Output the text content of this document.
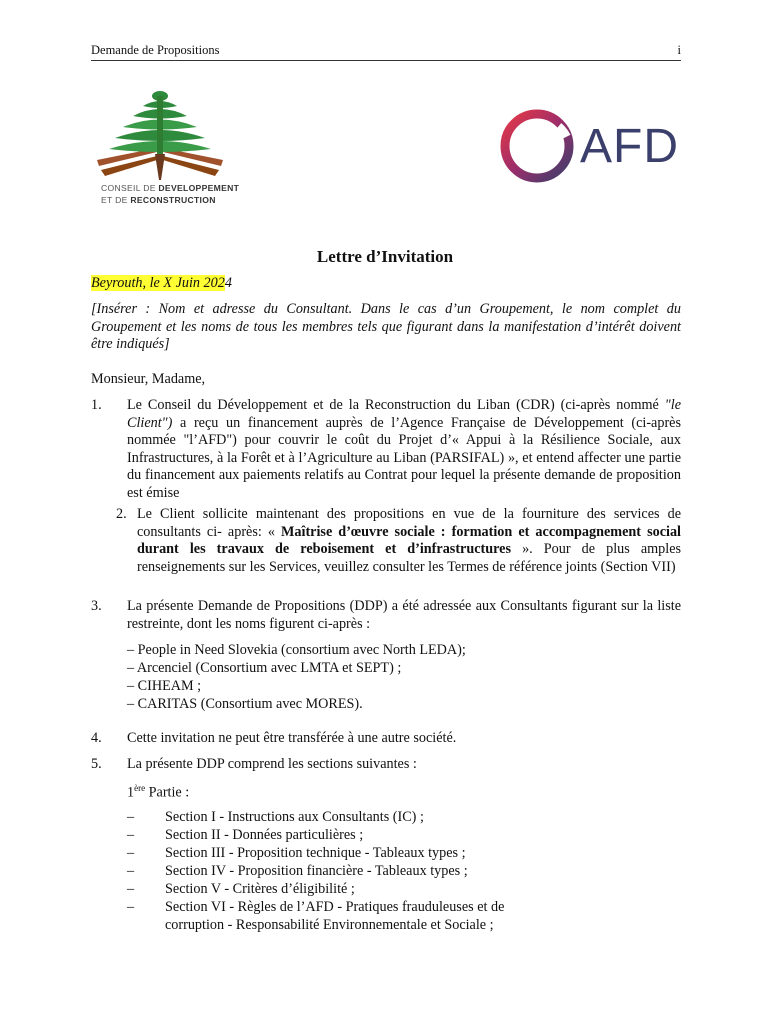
Demande de Propositions	i
CONSEIL DE DEVELOPPEMENT
ET DE RECONSTRUCTION
AFD
Lettre d’Invitation
Beyrouth, le X Juin 2024
[Insérer : Nom et adresse du Consultant. Dans le cas d’un Groupement, le nom complet du Groupement et les noms de tous les membres tels que figurant dans la manifestation d’intérêt doivent être indiqués]
Monsieur, Madame,
1. Le Conseil du Développement et de la Reconstruction du Liban (CDR) (ci-après nommé "le Client") a reçu un financement auprès de l’Agence Française de Développement (ci-après nommée "l’AFD") pour couvrir le coût du Projet d’« Appui à la Résilience Sociale, aux Infrastructures, à la Forêt et à l’Agriculture au Liban (PARSIFAL) », et entend affecter une partie du financement aux paiements relatifs au Contrat pour lequel la présente demande de proposition est émise
2. Le Client sollicite maintenant des propositions en vue de la fourniture des services de consultants ci- après: « Maîtrise d’œuvre sociale : formation et accompagnement social durant les travaux de reboisement et d’infrastructures ». Pour de plus amples renseignements sur les Services, veuillez consulter les Termes de référence joints (Section VII)
3. La présente Demande de Propositions (DDP) a été adressée aux Consultants figurant sur la liste restreinte, dont les noms figurent ci-après :
– People in Need Slovekia (consortium avec North LEDA);
– Arcenciel (Consortium avec LMTA et SEPT) ;
– CIHEAM ;
– CARITAS (Consortium avec MORES).
4. Cette invitation ne peut être transférée à une autre société.
5. La présente DDP comprend les sections suivantes :
1ère Partie :
– Section I - Instructions aux Consultants (IC) ;
– Section II - Données particulières ;
– Section III - Proposition technique - Tableaux types ;
– Section IV - Proposition financière - Tableaux types ;
– Section V - Critères d’éligibilité ;
– Section VI - Règles de l’AFD - Pratiques frauduleuses et de corruption - Responsabilité Environnementale et Sociale ;
